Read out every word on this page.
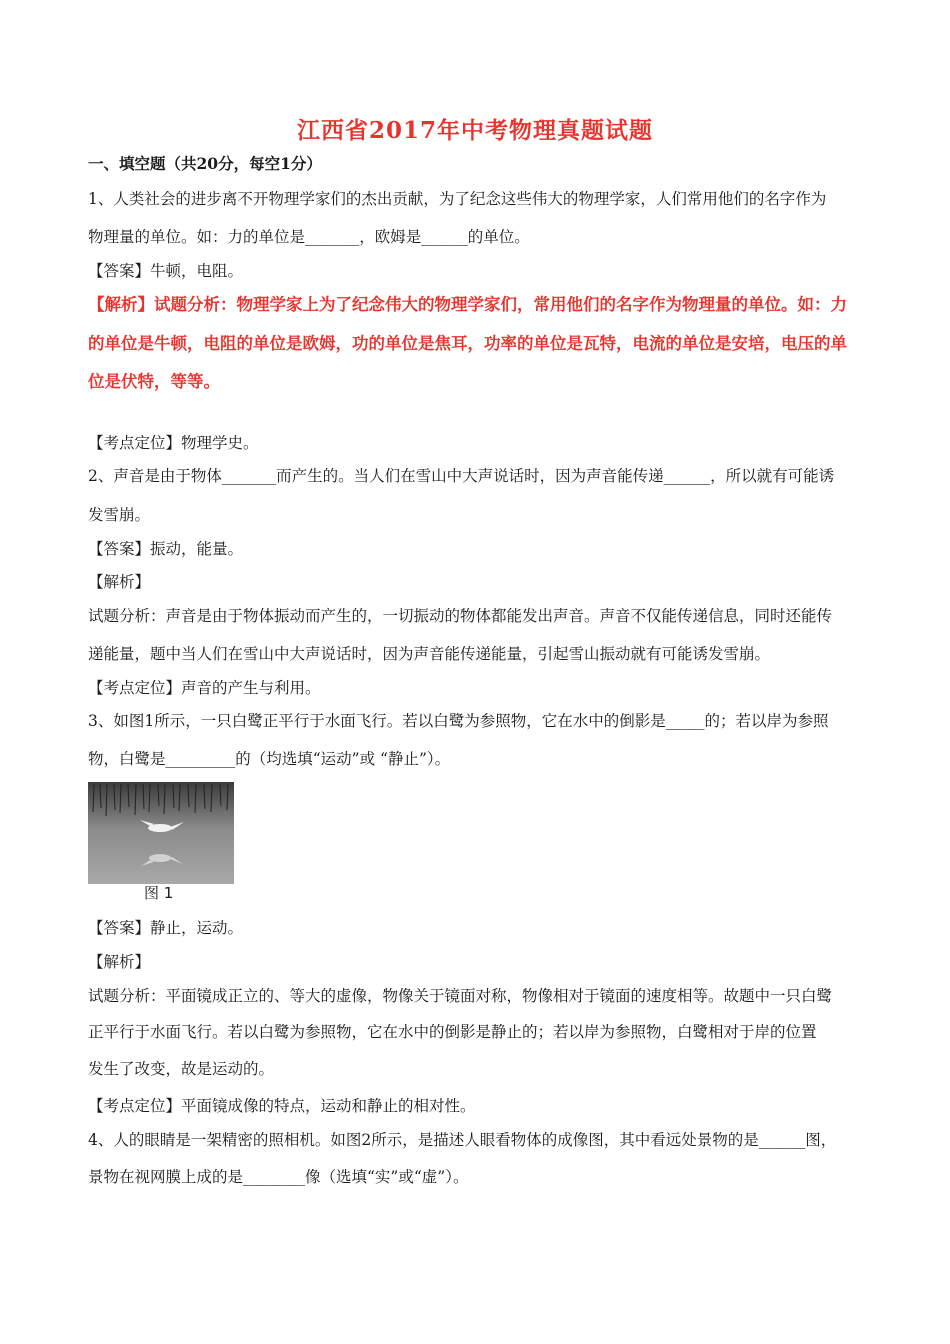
江西省2017年中考物理真题试题
一、填空题（共20分，每空1分）
1、人类社会的进步离不开物理学家们的杰出贡献，为了纪念这些伟大的物理学家，人们常用他们的名字作为
物理量的单位。如：力的单位是_______，欧姆是______的单位。
【答案】牛顿，电阻。
【解析】试题分析：物理学家上为了纪念伟大的物理学家们，常用他们的名字作为物理量的单位。如：力
的单位是牛顿，电阻的单位是欧姆，功的单位是焦耳，功率的单位是瓦特，电流的单位是安培，电压的单
位是伏特，等等。
【考点定位】物理学史。
2、声音是由于物体_______而产生的。当人们在雪山中大声说话时，因为声音能传递______，所以就有可能诱
发雪崩。
【答案】振动，能量。
【解析】
试题分析：声音是由于物体振动而产生的，一切振动的物体都能发出声音。声音不仅能传递信息，同时还能传
递能量，题中当人们在雪山中大声说话时，因为声音能传递能量，引起雪山振动就有可能诱发雪崩。
【考点定位】声音的产生与利用。
3、如图1所示，一只白鹭正平行于水面飞行。若以白鹭为参照物，它在水中的倒影是_____的；若以岸为参照
物，白鹭是_________的（均选填“运动”或 “静止”）。
图 1
【答案】静止，运动。
【解析】
试题分析：平面镜成正立的、等大的虚像，物像关于镜面对称，物像相对于镜面的速度相等。故题中一只白鹭
正平行于水面飞行。若以白鹭为参照物，它在水中的倒影是静止的；若以岸为参照物，白鹭相对于岸的位置
发生了改变，故是运动的。
【考点定位】平面镜成像的特点，运动和静止的相对性。
4、人的眼睛是一架精密的照相机。如图2所示，是描述人眼看物体的成像图，其中看远处景物的是______图，
景物在视网膜上成的是________像（选填“实”或“虚”）。
